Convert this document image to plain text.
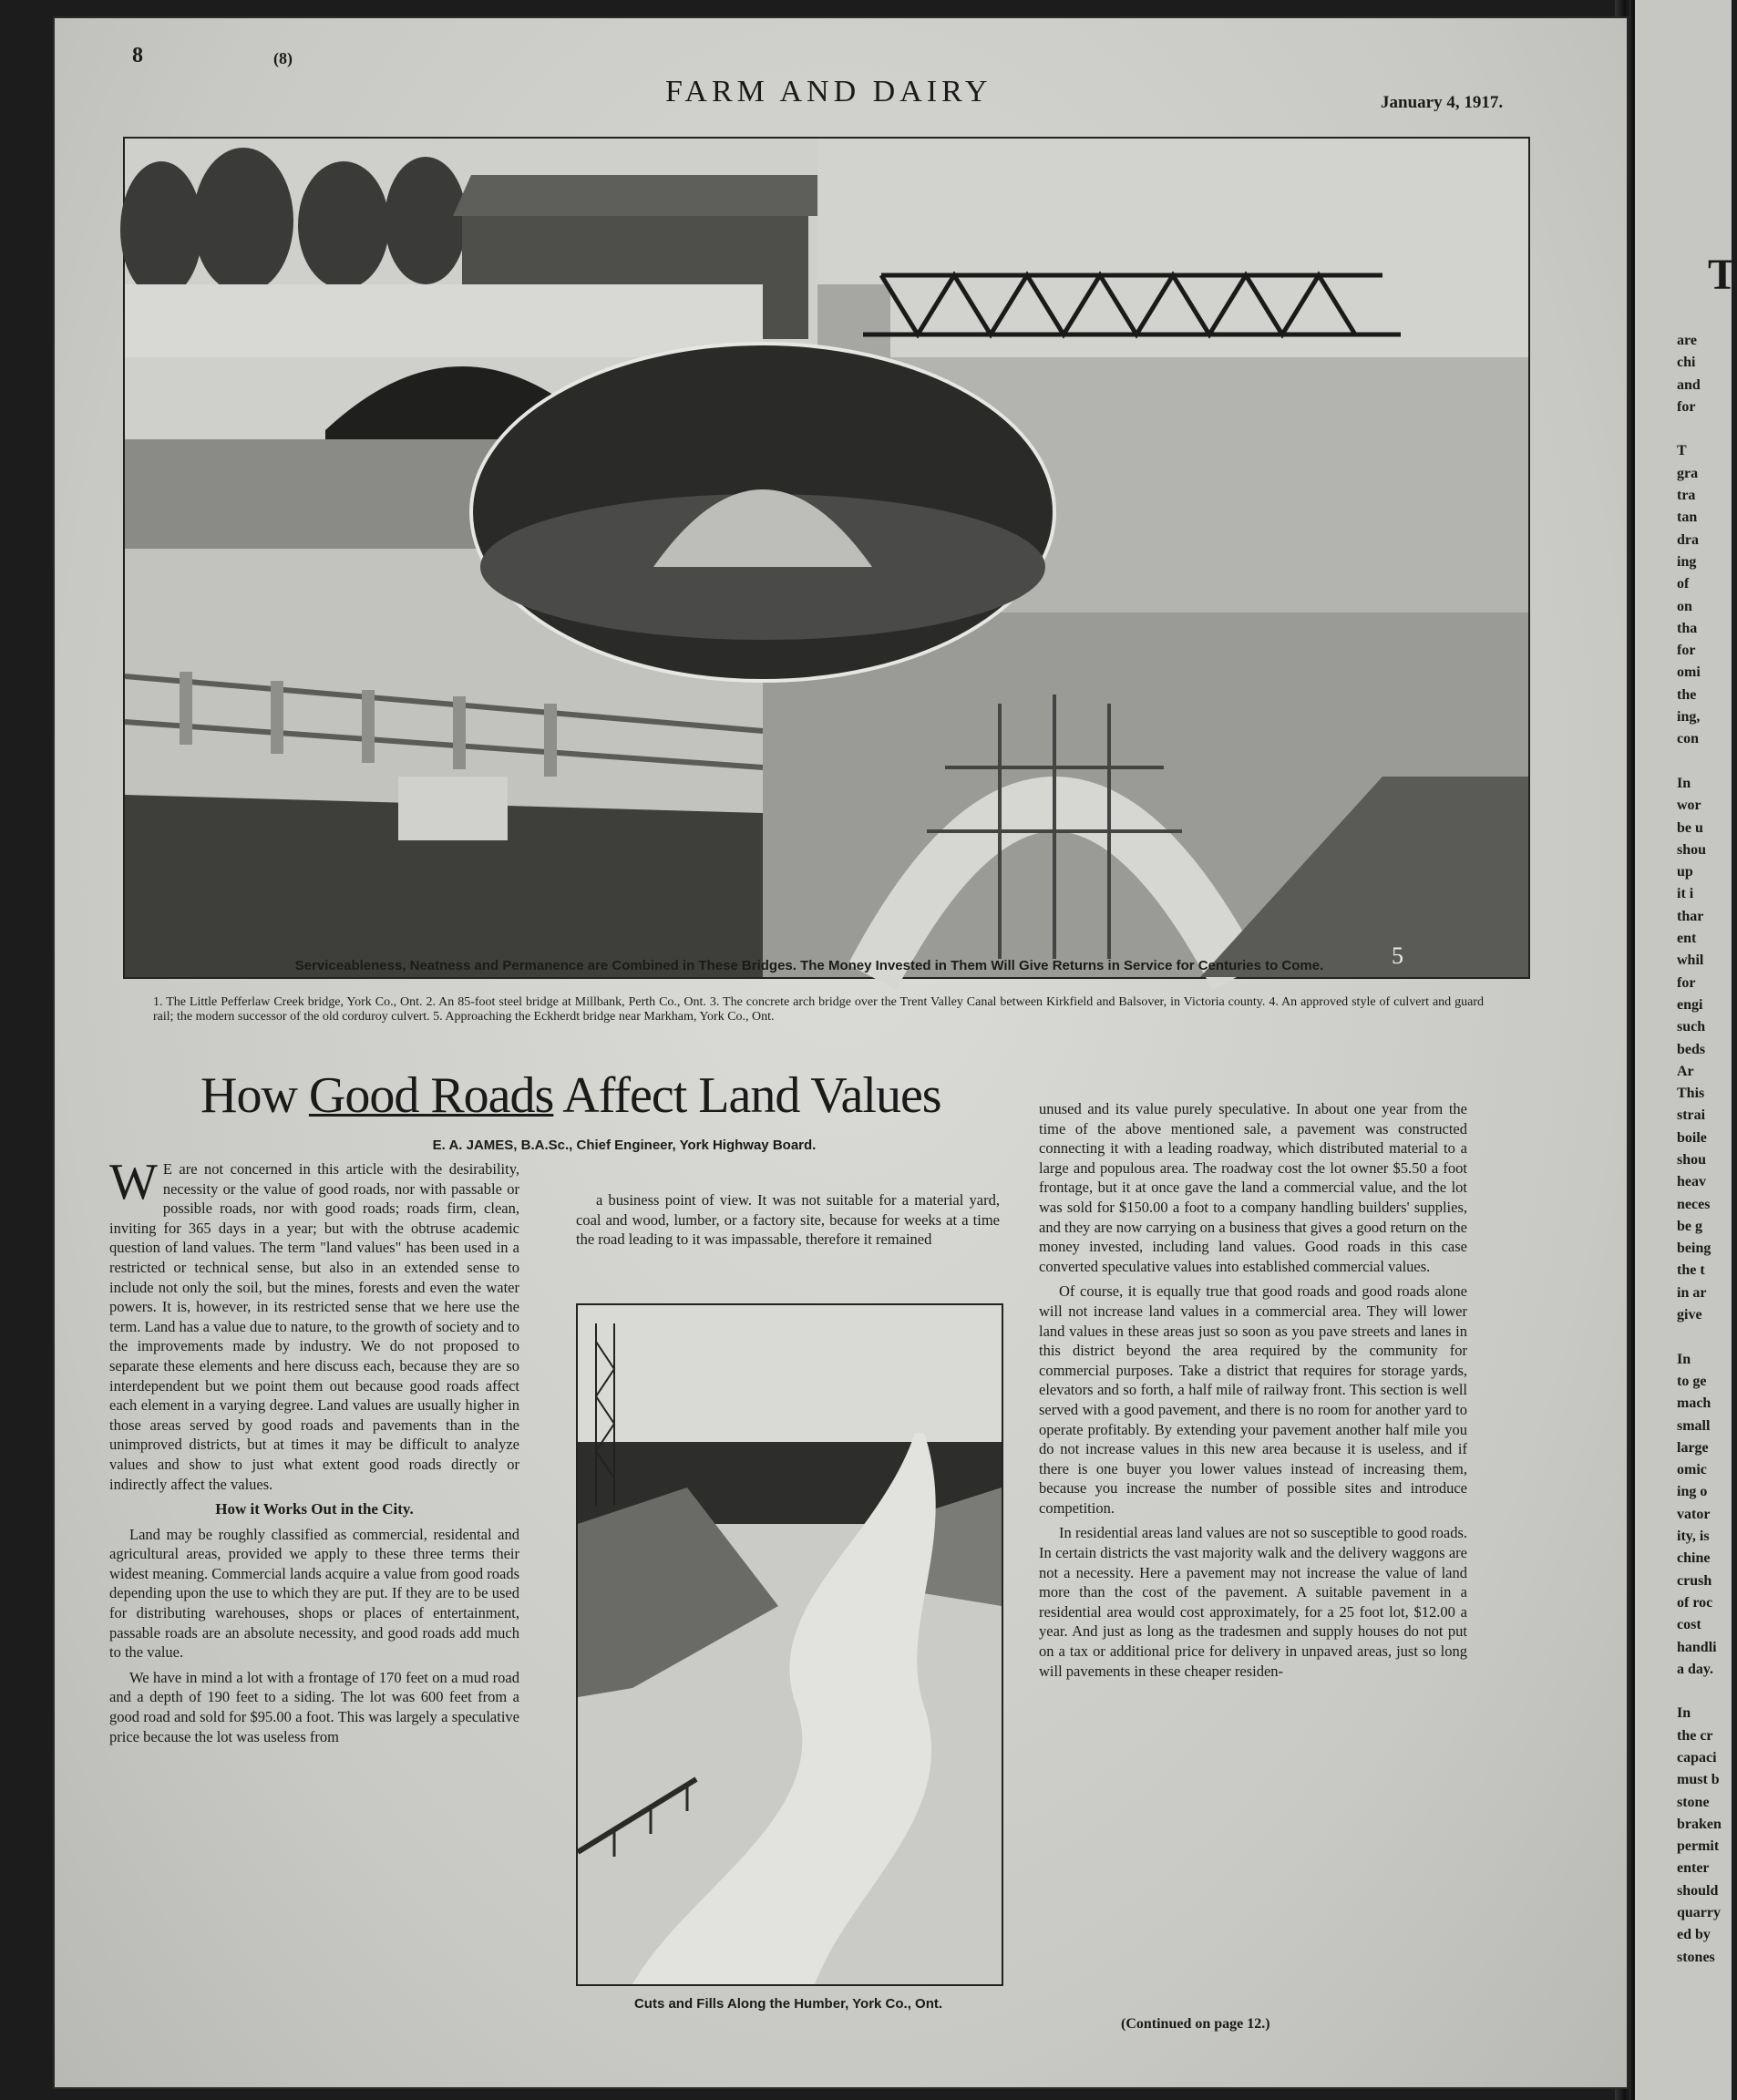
T
are
chi
and
for

T
gra
tra
tan
dra
ing
of
on
tha
for
omi
the
ing,
con

In
wor
be u
shou
up
it i
thar
ent
whil
for
engi
such
beds
Ar
This
strai
boile
shou
heav
neces
be g
being
the t
in ar
give

In
to ge
mach
small
large
omic
ing o
vator
ity, is
chine
crush
of roc
cost
handli
a day.

In
the cr
capaci
must b
stone
braken
permit
enter
should
quarry
ed by
stones
8	(8)
FARM AND DAIRY	January 4, 1917.
5
Serviceableness, Neatness and Permanence are Combined in These Bridges. The Money Invested in Them Will Give Returns in Service for Centuries to Come.
1. The Little Pefferlaw Creek bridge, York Co., Ont. 2. An 85-foot steel bridge at Millbank, Perth Co., Ont. 3. The concrete arch bridge over the Trent Valley Canal between Kirkfield and Balsover, in Victoria county. 4. An approved style of culvert and guard rail; the modern successor of the old corduroy culvert. 5. Approaching the Eckherdt bridge near Markham, York Co., Ont.
How Good Roads Affect Land Values
E. A. JAMES, B.A.Sc., Chief Engineer, York Highway Board.

W E are not concerned in this article with the desirability, necessity or the value of good roads, nor with passable or possible roads, nor with good roads; roads firm, clean, inviting for 365 days in a year; but with the obtruse academic question of land values. The term "land values" has been used in a restricted or technical sense, but also in an extended sense to include not only the soil, but the mines, forests and even the water powers. It is, however, in its restricted sense that we here use the term. Land has a value due to nature, to the growth of society and to the improvements made by industry. We do not proposed to separate these elements and here discuss each, because they are so interdependent but we point them out because good roads affect each element in a varying degree. Land values are usually higher in those areas served by good roads and pavements than in the unimproved districts, but at times it may be difficult to analyze values and show to just what extent good roads directly or indirectly affect the values.

How it Works Out in the City.

Land may be roughly classified as commercial, residental and agricultural areas, provided we apply to these three terms their widest meaning. Commercial lands acquire a value from good roads depending upon the use to which they are put. If they are to be used for distributing warehouses, shops or places of entertainment, passable roads are an absolute necessity, and good roads add much to the value.

We have in mind a lot with a frontage of 170 feet on a mud road and a depth of 190 feet to a siding. The lot was 600 feet from a good road and sold for $95.00 a foot. This was largely a speculative price because the lot was useless from

a business point of view. It was not suitable for a material yard, coal and wood, lumber, or a factory site, because for weeks at a time the road leading to it was impassable, therefore it remained

Cuts and Fills Along the Humber, York Co., Ont.

unused and its value purely speculative. In about one year from the time of the above mentioned sale, a pavement was constructed connecting it with a leading roadway, which distributed material to a large and populous area. The roadway cost the lot owner $5.50 a foot frontage, but it at once gave the land a commercial value, and the lot was sold for $150.00 a foot to a company handling builders' supplies, and they are now carrying on a business that gives a good return on the money invested, including land values. Good roads in this case converted speculative values into established commercial values.

Of course, it is equally true that good roads and good roads alone will not increase land values in a commercial area. They will lower land values in these areas just so soon as you pave streets and lanes in this district beyond the area required by the community for commercial purposes. Take a district that requires for storage yards, elevators and so forth, a half mile of railway front. This section is well served with a good pavement, and there is no room for another yard to operate profitably. By extending your pavement another half mile you do not increase values in this new area because it is useless, and if there is one buyer you lower values instead of increasing them, because you increase the number of possible sites and introduce competition.

In residential areas land values are not so susceptible to good roads. In certain districts the vast majority walk and the delivery waggons are not a necessity. Here a pavement may not increase the value of land more than the cost of the pavement. A suitable pavement in a residential area would cost approximately, for a 25 foot lot, $12.00 a year. And just as long as the tradesmen and supply houses do not put on a tax or additional price for delivery in unpaved areas, just so long will pavements in these cheaper residen-

(Continued on page 12.)
